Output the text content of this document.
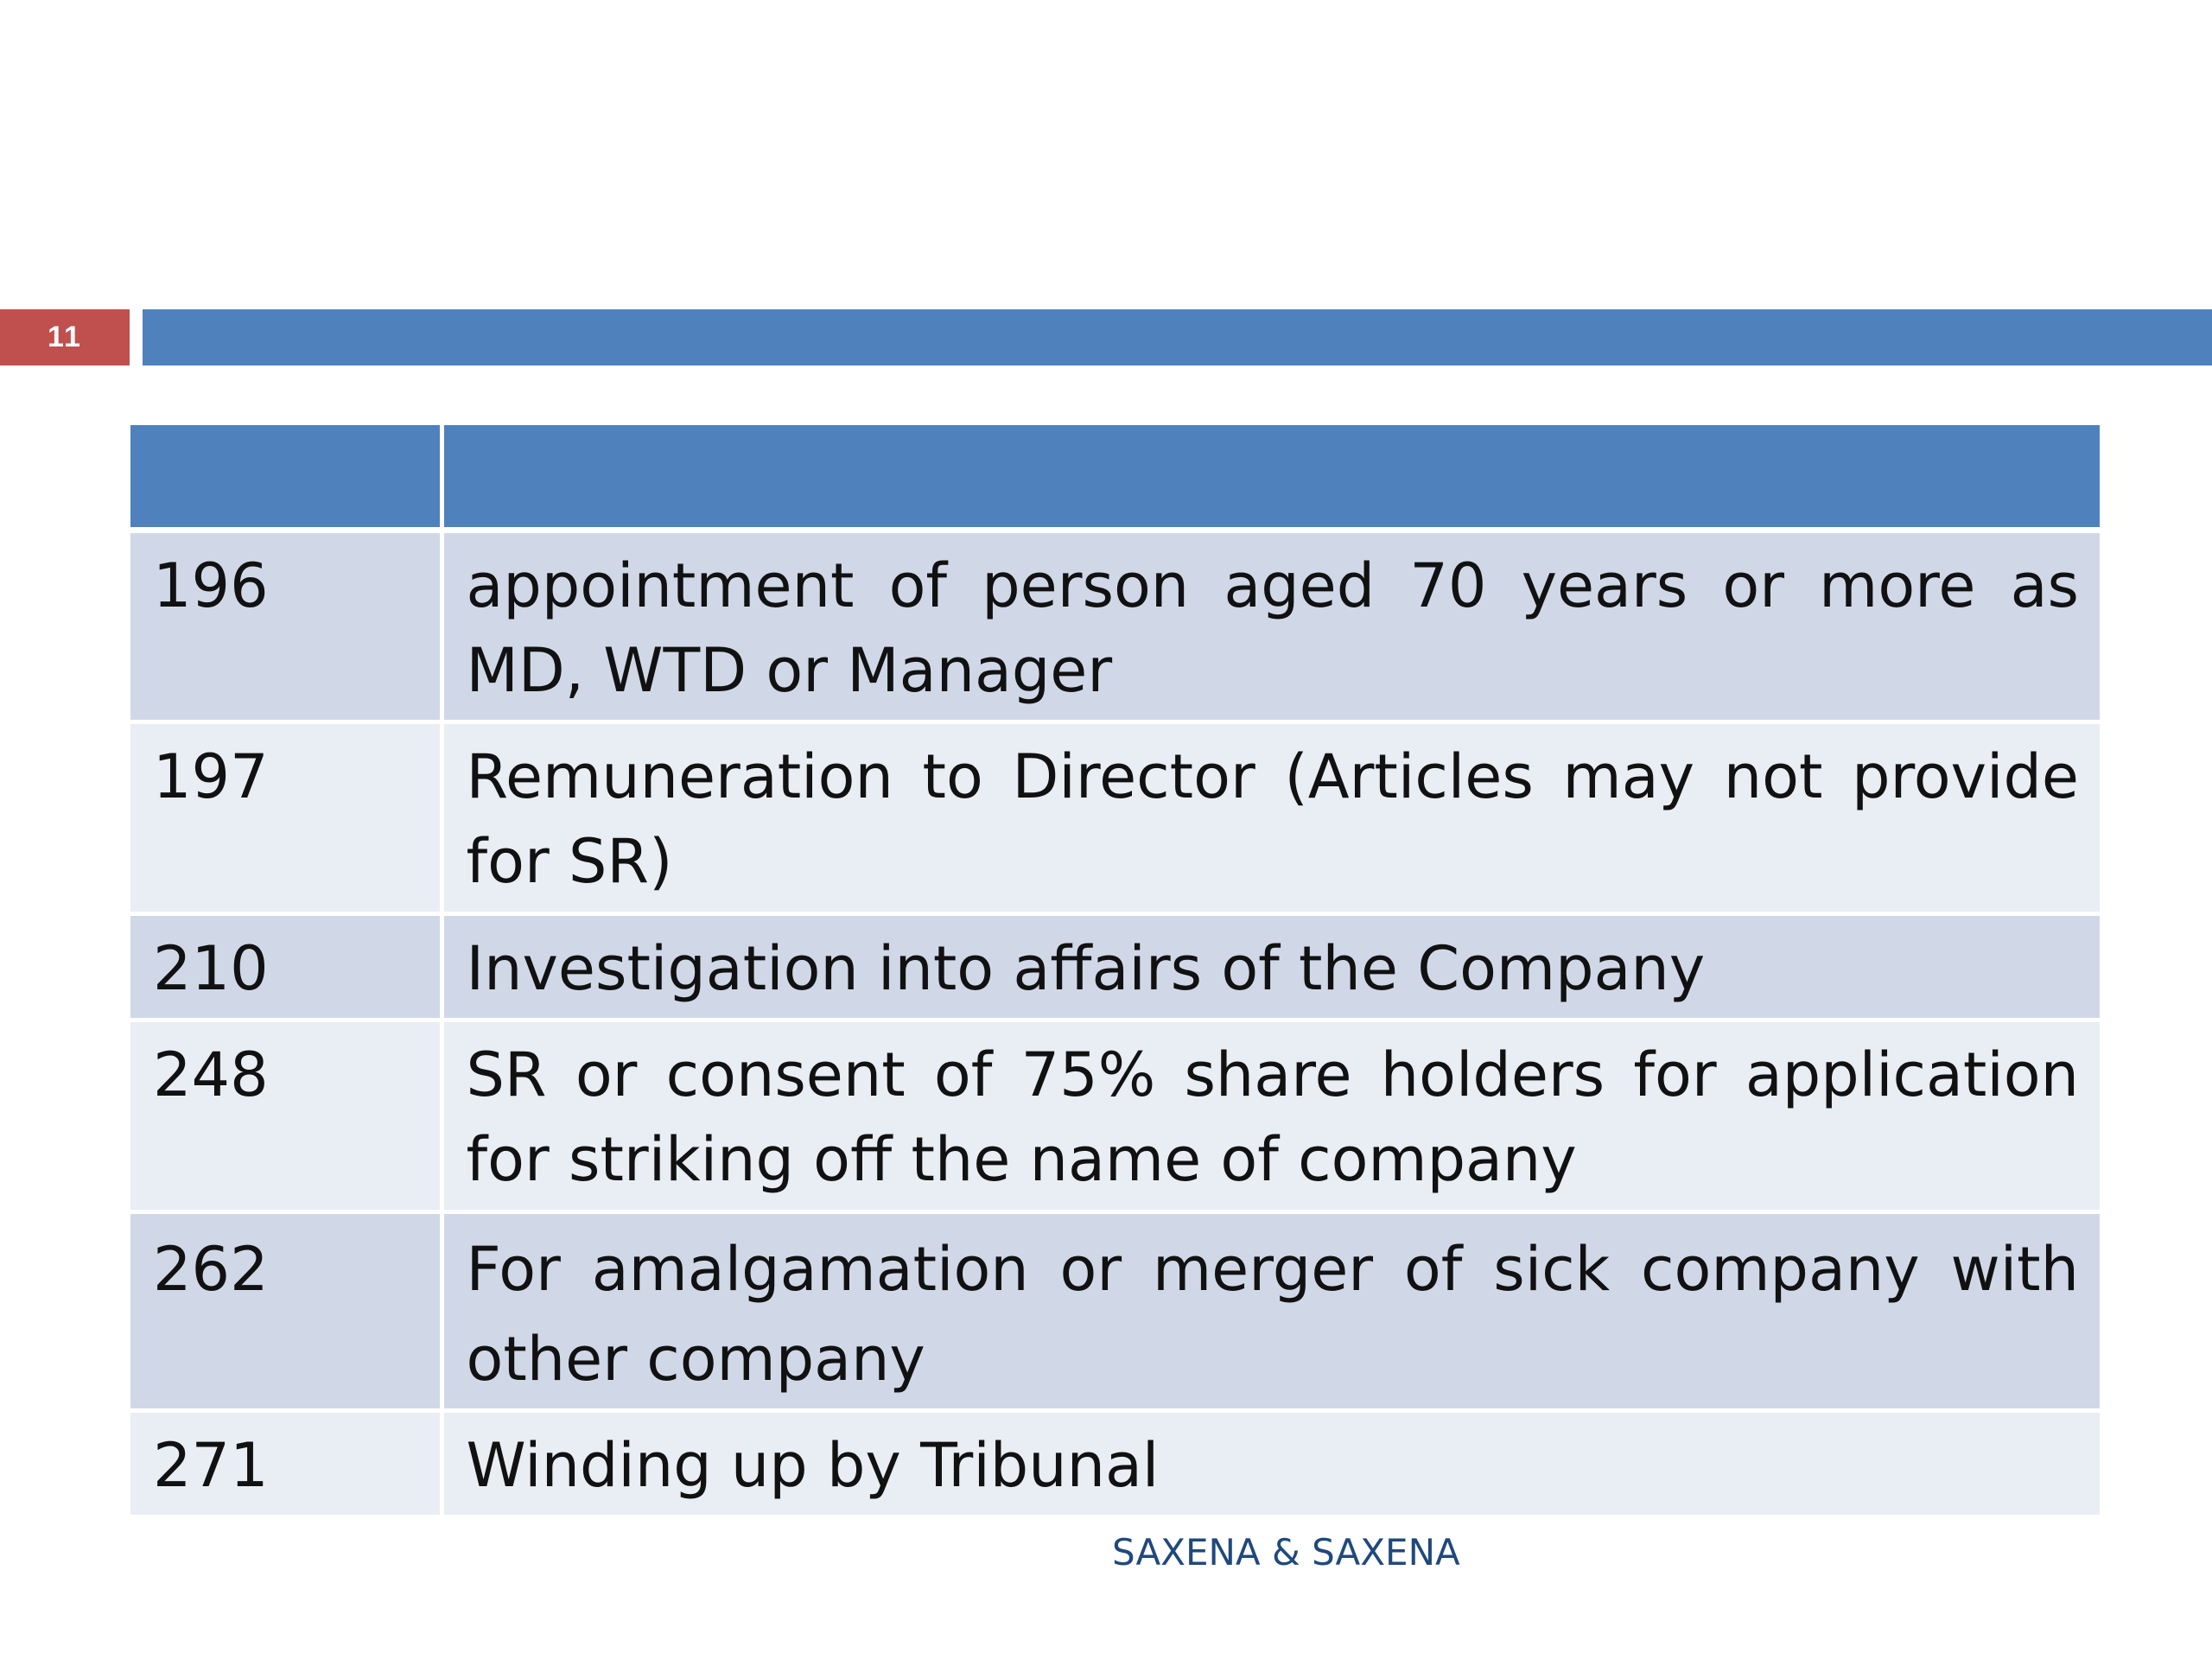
11

196	appointment of person aged 70 years or more as MD, WTD or Manager
197	Remuneration to Director (Articles may not provide for SR)
210	Investigation into affairs of the Company
248	SR or consent of 75% share holders for application for striking off the name of company
262	For amalgamation or merger of sick company with other company
271	Winding up by Tribunal
SAXENA & SAXENA
